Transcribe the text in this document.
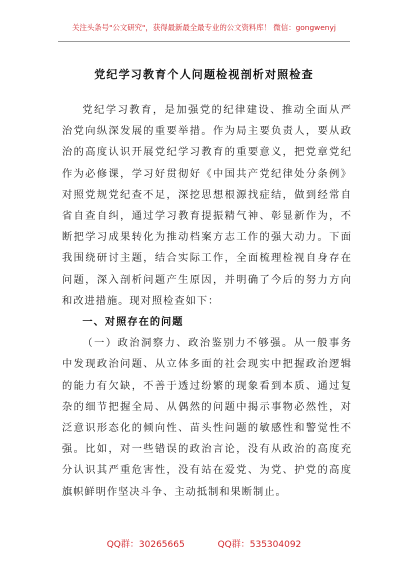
关注头条号"公文研究"，获得最新最全最专业的公文资料库！ 微信：gongwenyj
党纪学习教育个人问题检视剖析对照检查

党纪学习教育，是加强党的纪律建设、推动全面从严治党向纵深发展的重要举措。作为局主要负责人，要从政治的高度认识开展党纪学习教育的重要意义，把党章党纪作为必修课，学习好贯彻好《中国共产党纪律处分条例》对照党规党纪查不足，深挖思想根源找症结，做到经常自省自查自纠，通过学习教育提振精气神、彰显新作为，不断把学习成果转化为推动档案方志工作的强大动力。下面我围绕研讨主题，结合实际工作，全面梳理检视自身存在问题，深入剖析问题产生原因，并明确了今后的努力方向和改进措施。现对照检查如下：

一、对照存在的问题

（一）政治洞察力、政治鉴别力不够强。从一般事务中发现政治问题、从立体多面的社会现实中把握政治逻辑的能力有欠缺，不善于透过纷繁的现象看到本质、通过复杂的细节把握全局、从偶然的问题中揭示事物必然性，对泛意识形态化的倾向性、苗头性问题的敏感性和警觉性不强。比如，对一些错误的政治言论，没有从政治的高度充分认识其严重危害性，没有站在爱党、为党、护党的高度旗帜鲜明作坚决斗争、主动抵制和果断制止。

QQ群：30265665	QQ群：535304092
